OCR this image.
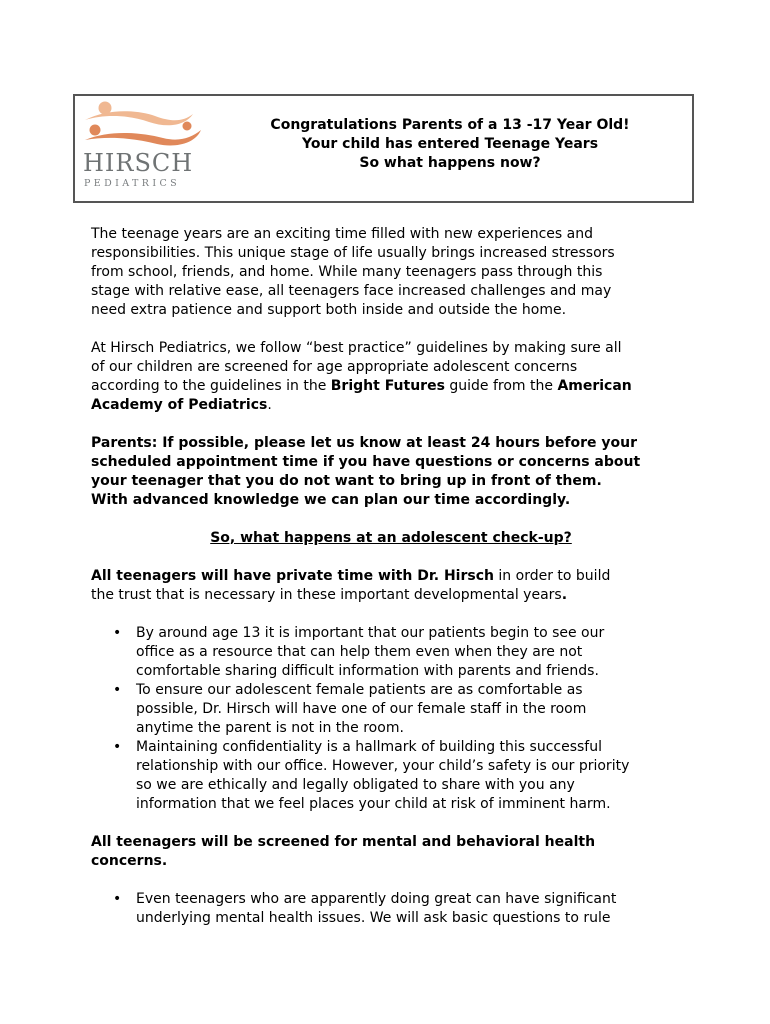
HIRSCH
PEDIATRICS
Congratulations Parents of a 13 -17 Year Old!
Your child has entered Teenage Years
So what happens now?

The teenage years are an exciting time filled with new experiences and
responsibilities. This unique stage of life usually brings increased stressors
from school, friends, and home. While many teenagers pass through this
stage with relative ease, all teenagers face increased challenges and may
need extra patience and support both inside and outside the home.

At Hirsch Pediatrics, we follow “best practice” guidelines by making sure all
of our children are screened for age appropriate adolescent concerns
according to the guidelines in the Bright Futures guide from the American
Academy of Pediatrics.

Parents: If possible, please let us know at least 24 hours before your
scheduled appointment time if you have questions or concerns about
your teenager that you do not want to bring up in front of them.
With advanced knowledge we can plan our time accordingly.

So, what happens at an adolescent check-up?

All teenagers will have private time with Dr. Hirsch in order to build
the trust that is necessary in these important developmental years.

• By around age 13 it is important that our patients begin to see our
office as a resource that can help them even when they are not
comfortable sharing difficult information with parents and friends.
• To ensure our adolescent female patients are as comfortable as
possible, Dr. Hirsch will have one of our female staff in the room
anytime the parent is not in the room.
• Maintaining confidentiality is a hallmark of building this successful
relationship with our office. However, your child’s safety is our priority
so we are ethically and legally obligated to share with you any
information that we feel places your child at risk of imminent harm.

All teenagers will be screened for mental and behavioral health
concerns.

• Even teenagers who are apparently doing great can have significant
underlying mental health issues. We will ask basic questions to rule
